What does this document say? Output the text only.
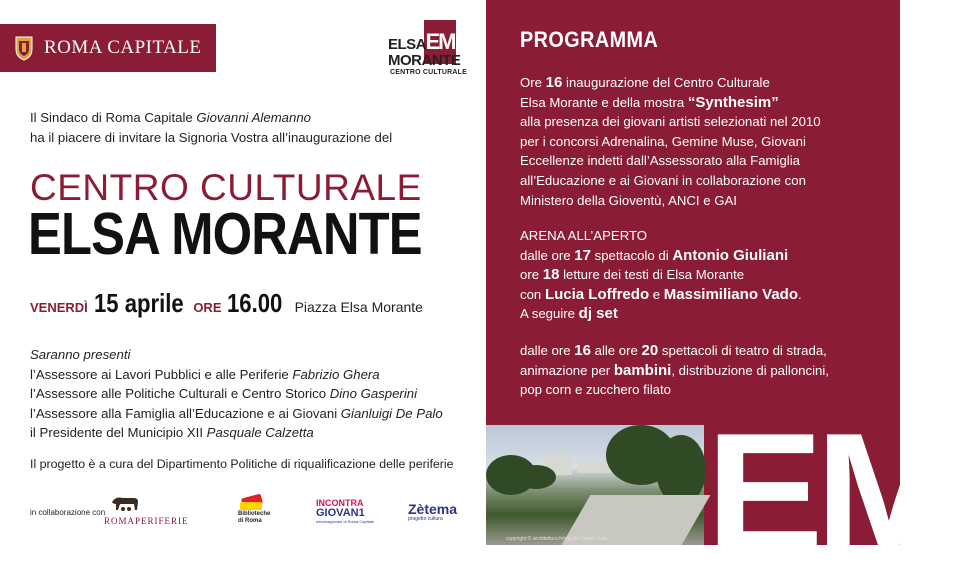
ROMA CAPITALE	EM
ELSA
MORANTE
CENTRO CULTURALE
Il Sindaco di Roma Capitale Giovanni Alemanno
ha il piacere di invitare la Signoria Vostra all’inaugurazione del
CENTRO CULTURALE
ELSA MORANTE
VENERDÌ 15 aprile ORE 16.00 Piazza Elsa Morante
Saranno presenti
l’Assessore ai Lavori Pubblici e alle Periferie Fabrizio Ghera
l’Assessore alle Politiche Culturali e Centro Storico Dino Gasperini
l’Assessore alla Famiglia all’Educazione e ai Giovani Gianluigi De Palo
il Presidente del Municipio XII Pasquale Calzetta
Il progetto è a cura del Dipartimento Politiche di riqualificazione delle periferie
in collaborazione con
ROMAPERIFERIE
Biblioteche di Roma
INCONTRA
GIOVAN1
Informagiovani di Roma Capitale
Zètema
progetto cultura
PROGRAMMA
Ore 16 inaugurazione del Centro Culturale
Elsa Morante e della mostra “Synthesim”
alla presenza dei giovani artisti selezionati nel 2010
per i concorsi Adrenalina, Gemine Muse, Giovani
Eccellenze indetti dall’Assessorato alla Famiglia
all’Educazione e ai Giovani in collaborazione con
Ministero della Gioventù, ANCI e GAI
ARENA ALL’APERTO
dalle ore 17 spettacolo di Antonio Giuliani
ore 18 letture dei testi di Elsa Morante
con Lucia Loffredo e Massimiliano Vado.
A seguire dj set
dalle ore 16 alle ore 20 spettacoli di teatro di strada,
animazione per bambini, distribuzione di palloncini,
pop corn e zucchero filato
copyright © architettura fotografia Daniel Sala EM
